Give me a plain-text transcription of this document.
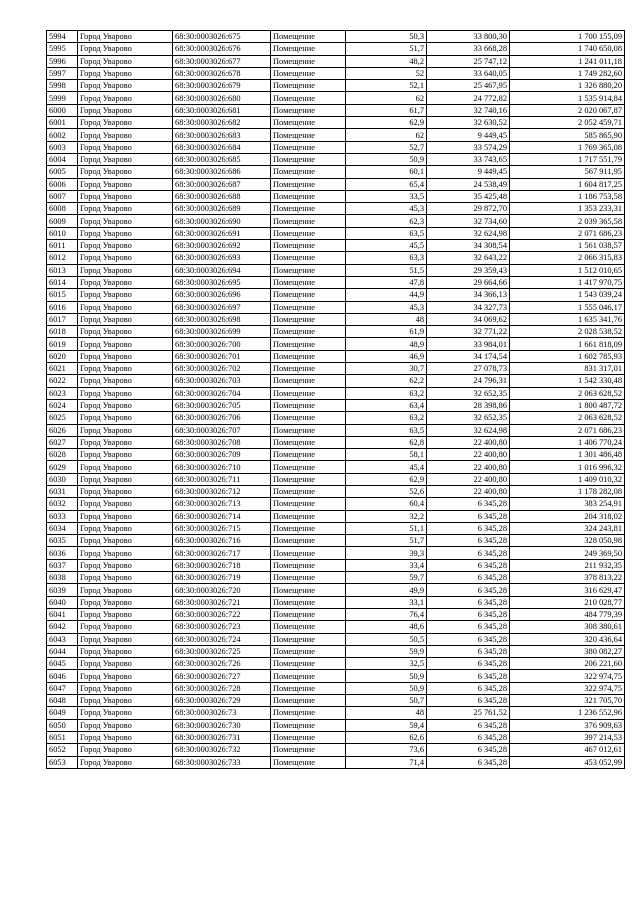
5994	Город Уварово	68:30:0003026:675	Помещение	50,3	33 800,30	1 700 155,09
5995	Город Уварово	68:30:0003026:676	Помещение	51,7	33 668,28	1 740 650,08
5996	Город Уварово	68:30:0003026:677	Помещение	48,2	25 747,12	1 241 011,18
5997	Город Уварово	68:30:0003026:678	Помещение	52	33 640,05	1 749 282,60
5998	Город Уварово	68:30:0003026:679	Помещение	52,1	25 467,95	1 326 880,20
5999	Город Уварово	68:30:0003026:680	Помещение	62	24 772,82	1 535 914,84
6000	Город Уварово	68:30:0003026:681	Помещение	61,7	32 740,16	2 020 067,87
6001	Город Уварово	68:30:0003026:682	Помещение	62,9	32 630,52	2 052 459,71
6002	Город Уварово	68:30:0003026:683	Помещение	62	9 449,45	585 865,90
6003	Город Уварово	68:30:0003026:684	Помещение	52,7	33 574,29	1 769 365,08
6004	Город Уварово	68:30:0003026:685	Помещение	50,9	33 743,65	1 717 551,79
6005	Город Уварово	68:30:0003026:686	Помещение	60,1	9 449,45	567 911,95
6006	Город Уварово	68:30:0003026:687	Помещение	65,4	24 538,49	1 604 817,25
6007	Город Уварово	68:30:0003026:688	Помещение	33,5	35 425,48	1 186 753,58
6008	Город Уварово	68:30:0003026:689	Помещение	45,3	29 872,70	1 353 233,31
6009	Город Уварово	68:30:0003026:690	Помещение	62,3	32 734,60	2 039 365,58
6010	Город Уварово	68:30:0003026:691	Помещение	63,5	32 624,98	2 071 686,23
6011	Город Уварово	68:30:0003026:692	Помещение	45,5	34 308,54	1 561 038,57
6012	Город Уварово	68:30:0003026:693	Помещение	63,3	32 643,22	2 066 315,83
6013	Город Уварово	68:30:0003026:694	Помещение	51,5	29 359,43	1 512 010,65
6014	Город Уварово	68:30:0003026:695	Помещение	47,8	29 664,66	1 417 970,75
6015	Город Уварово	68:30:0003026:696	Помещение	44,9	34 366,13	1 543 039,24
6016	Город Уварово	68:30:0003026:697	Помещение	45,3	34 327,73	1 555 046,17
6017	Город Уварово	68:30:0003026:698	Помещение	48	34 069,62	1 635 341,76
6018	Город Уварово	68:30:0003026:699	Помещение	61,9	32 771,22	2 028 538,52
6019	Город Уварово	68:30:0003026:700	Помещение	48,9	33 984,01	1 661 818,09
6020	Город Уварово	68:30:0003026:701	Помещение	46,9	34 174,54	1 602 785,93
6021	Город Уварово	68:30:0003026:702	Помещение	30,7	27 078,73	831 317,01
6022	Город Уварово	68:30:0003026:703	Помещение	62,2	24 796,31	1 542 330,48
6023	Город Уварово	68:30:0003026:704	Помещение	63,2	32 652,35	2 063 628,52
6024	Город Уварово	68:30:0003026:705	Помещение	63,4	28 398,86	1 800 487,72
6025	Город Уварово	68:30:0003026:706	Помещение	63,2	32 652,35	2 063 628,52
6026	Город Уварово	68:30:0003026:707	Помещение	63,5	32 624,98	2 071 686,23
6027	Город Уварово	68:30:0003026:708	Помещение	62,8	22 400,80	1 406 770,24
6028	Город Уварово	68:30:0003026:709	Помещение	58,1	22 400,80	1 301 486,48
6029	Город Уварово	68:30:0003026:710	Помещение	45,4	22 400,80	1 016 996,32
6030	Город Уварово	68:30:0003026:711	Помещение	62,9	22 400,80	1 409 010,32
6031	Город Уварово	68:30:0003026:712	Помещение	52,6	22 400,80	1 178 282,08
6032	Город Уварово	68:30:0003026:713	Помещение	60,4	6 345,28	383 254,91
6033	Город Уварово	68:30:0003026:714	Помещение	32,2	6 345,28	204 318,02
6034	Город Уварово	68:30:0003026:715	Помещение	51,1	6 345,28	324 243,81
6035	Город Уварово	68:30:0003026:716	Помещение	51,7	6 345,28	328 050,98
6036	Город Уварово	68:30:0003026:717	Помещение	39,3	6 345,28	249 369,50
6037	Город Уварово	68:30:0003026:718	Помещение	33,4	6 345,28	211 932,35
6038	Город Уварово	68:30:0003026:719	Помещение	59,7	6 345,28	378 813,22
6039	Город Уварово	68:30:0003026:720	Помещение	49,9	6 345,28	316 629,47
6040	Город Уварово	68:30:0003026:721	Помещение	33,1	6 345,28	210 028,77
6041	Город Уварово	68:30:0003026:722	Помещение	76,4	6 345,28	484 779,39
6042	Город Уварово	68:30:0003026:723	Помещение	48,6	6 345,28	308 380,61
6043	Город Уварово	68:30:0003026:724	Помещение	50,5	6 345,28	320 436,64
6044	Город Уварово	68:30:0003026:725	Помещение	59,9	6 345,28	380 082,27
6045	Город Уварово	68:30:0003026:726	Помещение	32,5	6 345,28	206 221,60
6046	Город Уварово	68:30:0003026:727	Помещение	50,9	6 345,28	322 974,75
6047	Город Уварово	68:30:0003026:728	Помещение	50,9	6 345,28	322 974,75
6048	Город Уварово	68:30:0003026:729	Помещение	50,7	6 345,28	321 705,70
6049	Город Уварово	68:30:0003026:73	Помещение	48	25 761,52	1 236 552,96
6050	Город Уварово	68:30:0003026:730	Помещение	59,4	6 345,28	376 909,63
6051	Город Уварово	68:30:0003026:731	Помещение	62,6	6 345,28	397 214,53
6052	Город Уварово	68:30:0003026:732	Помещение	73,6	6 345,28	467 012,61
6053	Город Уварово	68:30:0003026:733	Помещение	71,4	6 345,28	453 052,99
